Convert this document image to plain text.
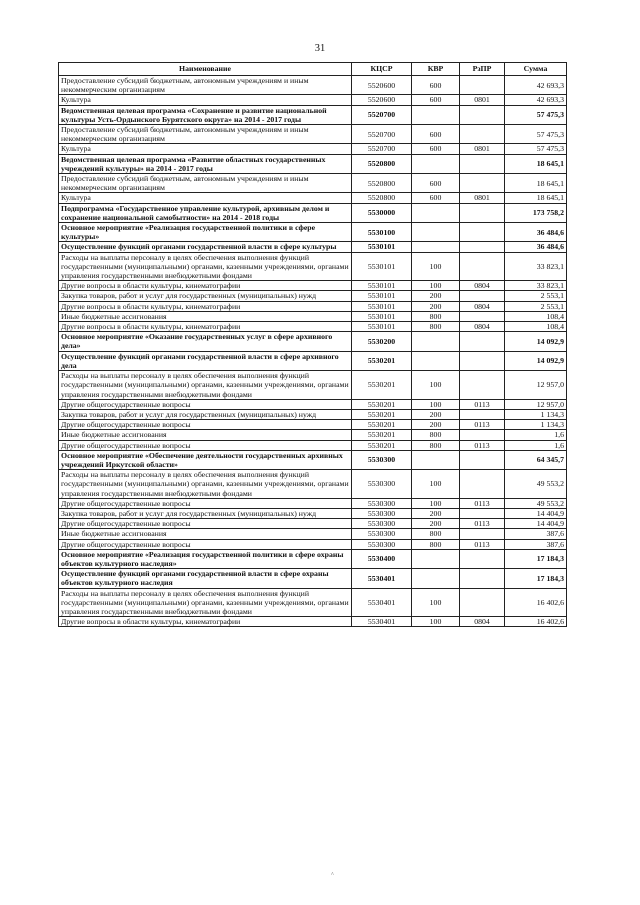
31
Наименование	КЦСР	КВР	РзПР	Сумма
Предоставление субсидий бюджетным, автономным учреждениям и иным некоммерческим организациям	5520600	600		42 693,3
Культура	5520600	600	0801	42 693,3
Ведомственная целевая программа «Сохранение и развитие национальной культуры Усть-Ордынского Бурятского округа» на 2014 - 2017 годы	5520700			57 475,3
Предоставление субсидий бюджетным, автономным учреждениям и иным некоммерческим организациям	5520700	600		57 475,3
Культура	5520700	600	0801	57 475,3
Ведомственная целевая программа «Развитие областных государственных учреждений культуры» на 2014 - 2017 годы	5520800			18 645,1
Предоставление субсидий бюджетным, автономным учреждениям и иным некоммерческим организациям	5520800	600		18 645,1
Культура	5520800	600	0801	18 645,1
Подпрограмма «Государственное управление культурой, архивным делом и сохранение национальной самобытности» на 2014 - 2018 годы	5530000			173 758,2
Основное мероприятие «Реализация государственной политики в сфере культуры»	5530100			36 484,6
Осуществление функций органами государственной власти в сфере культуры	5530101			36 484,6
Расходы на выплаты персоналу в целях обеспечения выполнения функций государственными (муниципальными) органами, казенными учреждениями, органами управления государственными внебюджетными фондами	5530101	100		33 823,1
Другие вопросы в области культуры, кинематографии	5530101	100	0804	33 823,1
Закупка товаров, работ и услуг для государственных (муниципальных) нужд	5530101	200		2 553,1
Другие вопросы в области культуры, кинематографии	5530101	200	0804	2 553,1
Иные бюджетные ассигнования	5530101	800		108,4
Другие вопросы в области культуры, кинематографии	5530101	800	0804	108,4
Основное мероприятие «Оказание государственных услуг в сфере архивного дела»	5530200			14 092,9
Осуществление функций органами государственной власти в сфере архивного дела	5530201			14 092,9
Расходы на выплаты персоналу в целях обеспечения выполнения функций государственными (муниципальными) органами, казенными учреждениями, органами управления государственными внебюджетными фондами	5530201	100		12 957,0
Другие общегосударственные вопросы	5530201	100	0113	12 957,0
Закупка товаров, работ и услуг для государственных (муниципальных) нужд	5530201	200		1 134,3
Другие общегосударственные вопросы	5530201	200	0113	1 134,3
Иные бюджетные ассигнования	5530201	800		1,6
Другие общегосударственные вопросы	5530201	800	0113	1,6
Основное мероприятие «Обеспечение деятельности государственных архивных учреждений Иркутской области»	5530300			64 345,7
Расходы на выплаты персоналу в целях обеспечения выполнения функций государственными (муниципальными) органами, казенными учреждениями, органами управления государственными внебюджетными фондами	5530300	100		49 553,2
Другие общегосударственные вопросы	5530300	100	0113	49 553,2
Закупка товаров, работ и услуг для государственных (муниципальных) нужд	5530300	200		14 404,9
Другие общегосударственные вопросы	5530300	200	0113	14 404,9
Иные бюджетные ассигнования	5530300	800		387,6
Другие общегосударственные вопросы	5530300	800	0113	387,6
Основное мероприятие «Реализация государственной политики в сфере охраны объектов культурного наследия»	5530400			17 184,3
Осуществление функций органами государственной власти в сфере охраны объектов культурного наследия	5530401			17 184,3
Расходы на выплаты персоналу в целях обеспечения выполнения функций государственными (муниципальными) органами, казенными учреждениями, органами управления государственными внебюджетными фондами	5530401	100		16 402,6
Другие вопросы в области культуры, кинематографии	5530401	100	0804	16 402,6
^
